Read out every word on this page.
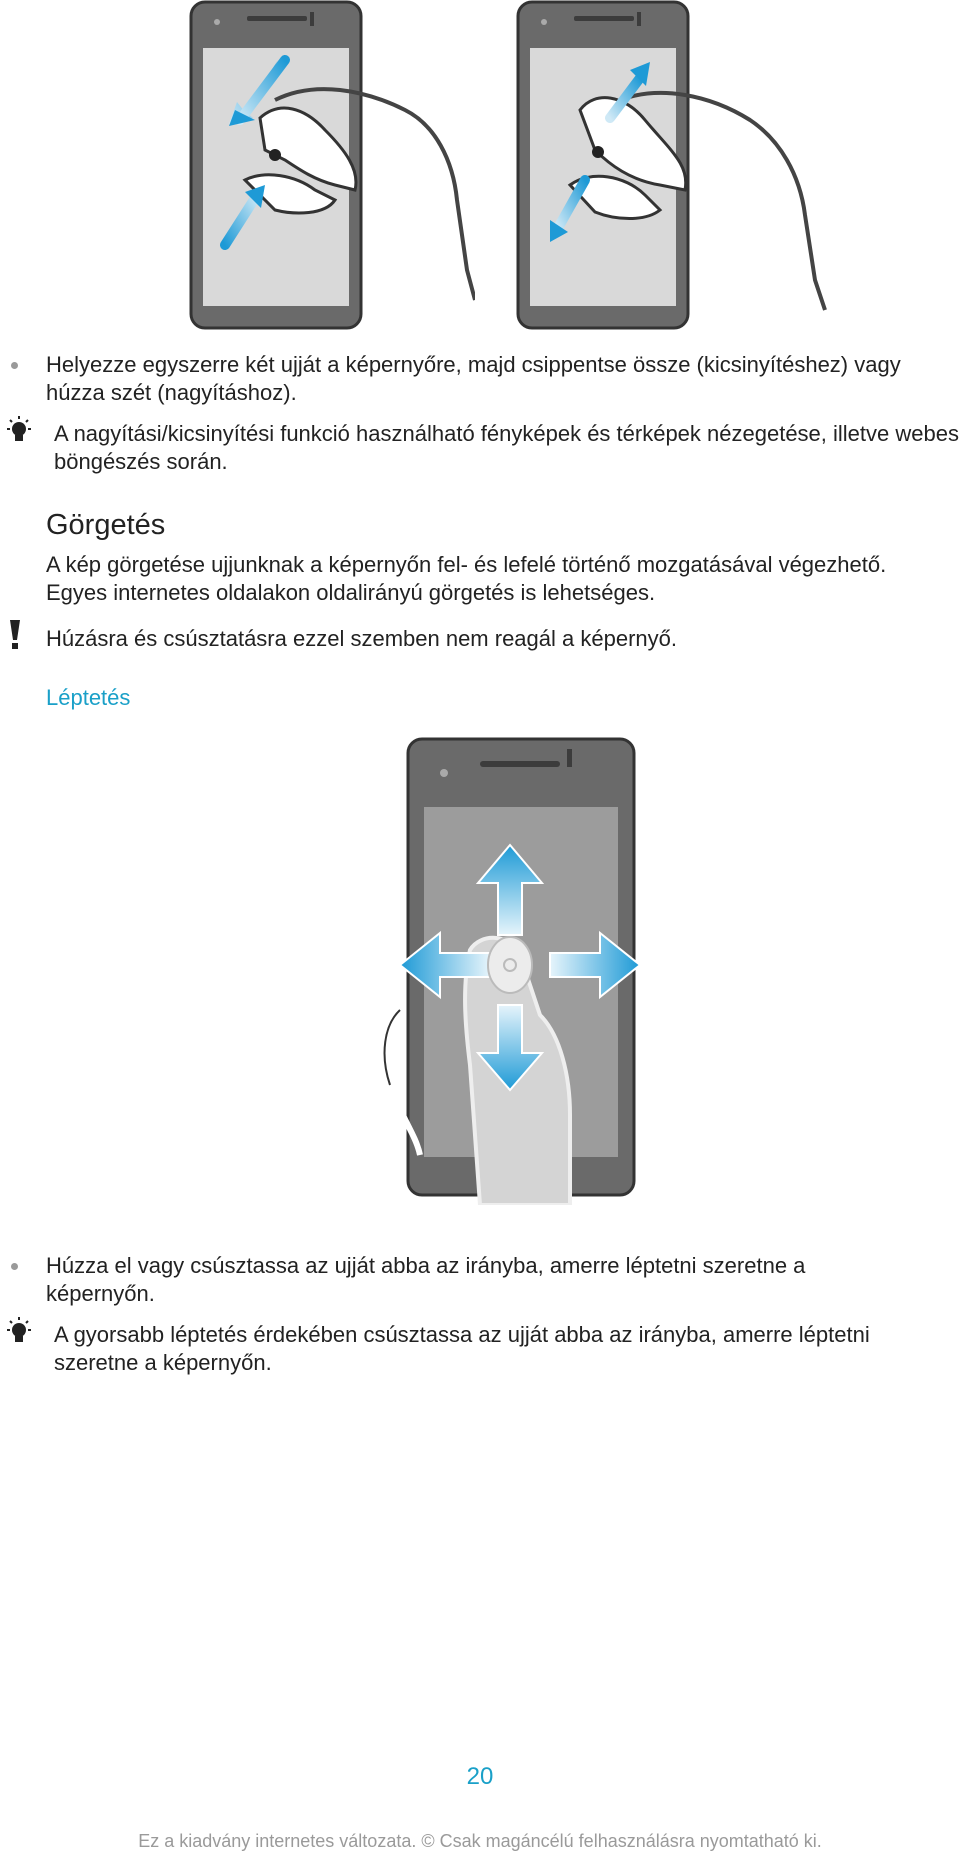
Helyezze egyszerre két ujját a képernyőre, majd csippentse össze (kicsinyítéshez) vagy húzza szét (nagyításhoz).
A nagyítási/kicsinyítési funkció használható fényképek és térképek nézegetése, illetve webes böngészés során.
Görgetés
A kép görgetése ujjunknak a képernyőn fel- és lefelé történő mozgatásával végezhető. Egyes internetes oldalakon oldalirányú görgetés is lehetséges.
Húzásra és csúsztatásra ezzel szemben nem reagál a képernyő.
Léptetés
Húzza el vagy csúsztassa az ujját abba az irányba, amerre léptetni szeretne a képernyőn.
A gyorsabb léptetés érdekében csúsztassa az ujját abba az irányba, amerre léptetni szeretne a képernyőn.
20
Ez a kiadvány internetes változata. © Csak magáncélú felhasználásra nyomtatható ki.
